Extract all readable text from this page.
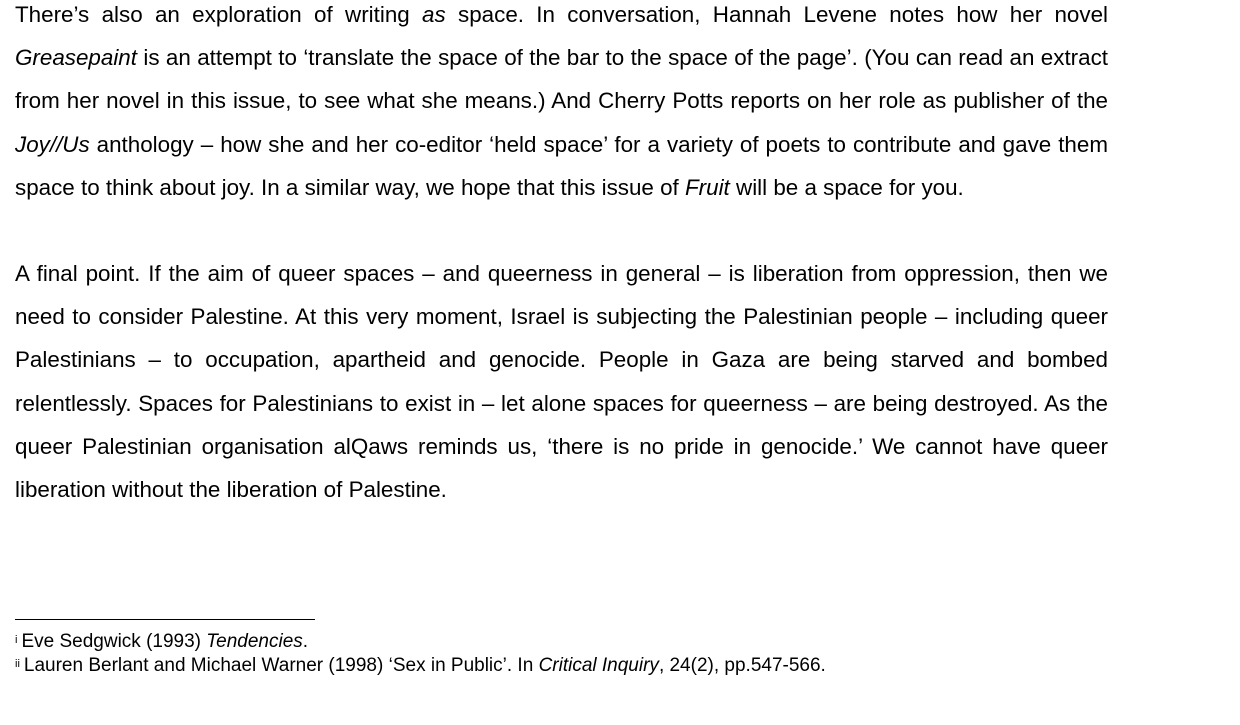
There’s also an exploration of writing as space. In conversation, Hannah Levene notes how her novel Greasepaint is an attempt to ‘translate the space of the bar to the space of the page’. (You can read an extract from her novel in this issue, to see what she means.) And Cherry Potts reports on her role as publisher of the Joy//Us anthology – how she and her co-editor ‘held space’ for a variety of poets to contribute and gave them space to think about joy. In a similar way, we hope that this issue of Fruit will be a space for you.

A final point. If the aim of queer spaces – and queerness in general – is liberation from oppression, then we need to consider Palestine. At this very moment, Israel is subjecting the Palestinian people – including queer Palestinians – to occupation, apartheid and genocide. People in Gaza are being starved and bombed relentlessly. Spaces for Palestinians to exist in – let alone spaces for queerness – are being destroyed. As the queer Palestinian organisation alQaws reminds us, ‘there is no pride in genocide.’ We cannot have queer liberation without the liberation of Palestine.

$^i$ Eve Sedgwick (1993) Tendencies.
$^{ii}$ Lauren Berlant and Michael Warner (1998) ‘Sex in Public’. In Critical Inquiry, 24(2), pp.547-566.
